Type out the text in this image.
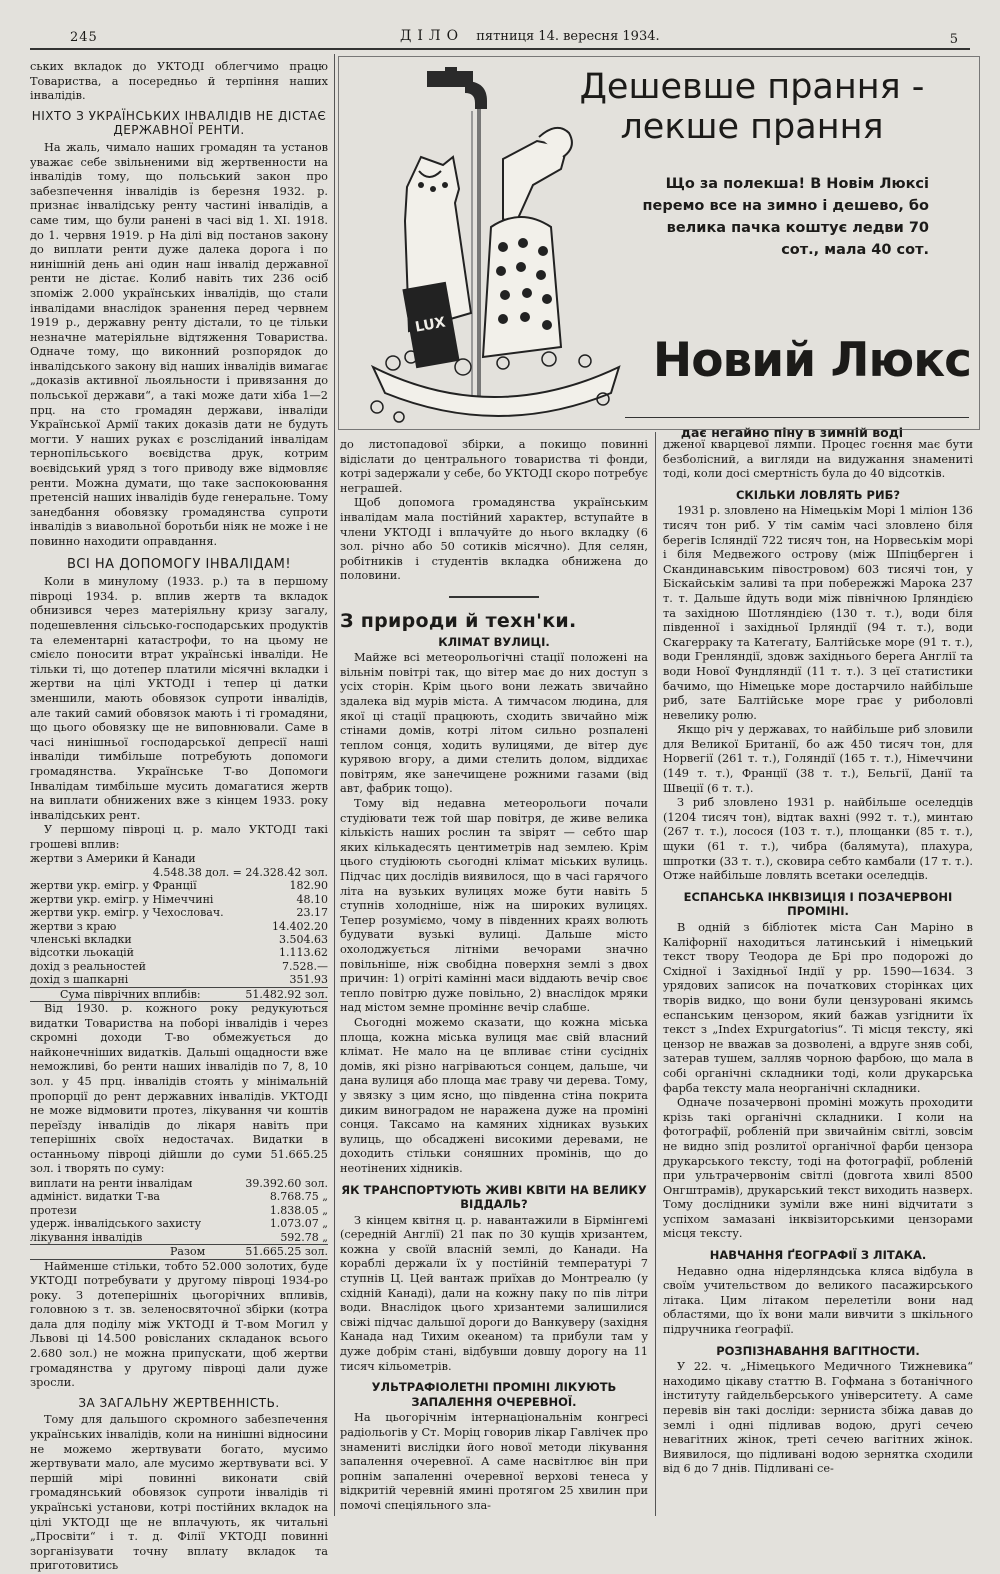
245	ДІЛО пятниця 14. вересня 1934.	5

ських вкладок до УКТОДІ облегчимо працю Товариства, а посередньо й терпіння наших інвалідів.

НІХТО З УКРАЇНСЬКИХ ІНВАЛІДІВ НЕ ДІСТАЄ ДЕРЖАВНОЇ РЕНТИ.

На жаль, чимало наших громадян та установ уважає себе звільненими від жертвенности на інвалідів тому, що польський закон про забезпечення інвалідів із березня 1932. р. признає інвалідську ренту частині інвалідів, а саме тим, що були ранені в часі від 1. XI. 1918. до 1. червня 1919. р На ділі від постанов закону до виплати ренти дуже далека дорога і по нинішній день ані один наш інвалід державної ренти не дістає. Колиб навіть тих 236 осіб зпоміж 2.000 українських інвалідів, що стали інвалідами внаслідок зранення перед червнем 1919 р., державну ренту дістали, то це тільки незначне матеріяльне відтяження Товариства. Одначе тому, що виконний розпорядок до інвалідського закону від наших інвалідів вимагає „доказів активної льояльности і привязання до польської держави“, а такі може дати хіба 1—2 прц. на сто громадян держави, інваліди Української Армії таких доказів дати не будуть могти. У наших руках є розсліданий інвалідам тернопільського воєвідства друк, котрим воєвідський уряд з того приводу вже відмовляє ренти. Можна думати, що таке заспокоювання претенсій наших інвалідів буде генеральне. Тому занедбання обовязку громадянства супроти інвалідів з виавольної боротьби ніяк не може і не повинно находити оправдання.

ВСІ НА ДОПОМОГУ ІНВАЛІДАМ!

Коли в минулому (1933. р.) та в першому півроці 1934. р. вплив жертв та вкладок обнизився через матеріяльну кризу загалу, подешевлення сільсько-господарських продуктів та елементарні катастрофи, то на цьому не смієло поносити втрат українські інваліди. Не тільки ті, що дотепер платили місячні вкладки і жертви на цілі УКТОДІ і тепер ці датки зменшили, мають обовязок супроти інвалідів, але такий самий обовязок мають і ті громадяни, що цього обовязку ще не виповнювали. Саме в часі нинішньої господарської депресії наші інваліди тимбільше потребують допомоги громадянства. Українське Т-во Допомоги Інвалідам тимбільше мусить домагатися жертв на виплати обнижених вже з кінцем 1933. року інвалідських рент.

У першому півроці ц. р. мало УКТОДІ такі грошеві вплив:

жертви з Америки й Канади	
4.548.38 дол. = 24.328.42 зол.	
жертви укр. емігр. у Франції	182.90
жертви укр. емігр. у Німеччині	48.10
жертви укр. емігр. у Чехословач.	23.17
жертви з краю	14.402.20
членські вкладки	3.504.63
відсотки льокацій	1.113.62
дохід з реальностей	7.528.—
дохід з шапкарні	351.93
Сума піврічних вплибів:	51.482.92 зол.

Від 1930. р. кожного року редукуються видатки Товариства на поборі інвалідів і через скромні доходи Т-во обмежується до найконечніших видатків. Дальші ощадности вже неможливі, бо ренти наших інвалідів по 7, 8, 10 зол. у 45 прц. інвалідів стоять у мінімальній пропорції до рент державних інвалідів. УКТОДІ не може відмовити протез, лікування чи коштів переїзду інвалідів до лікаря навіть при теперішніх своїх недостачах. Видатки в останньому півроці дійшли до суми 51.665.25 зол. і творять по суму:

виплати на ренти інвалідам	39.392.60 зол.
адмініст. видатки Т-ва	8.768.75 „
протези	1.838.05 „
удерж. інвалідського захисту	1.073.07 „
лікування інвалідів	592.78 „
Разом	51.665.25 зол.

Найменше стільки, тобто 52.000 золотих, буде УКТОДІ потребувати у другому півроці 1934-ро року. З дотеперішніх цьогорічних впливів, головною з т. зв. зеленосвяточної збірки (котра дала для поділу між УКТОДІ й Т-вом Могил у Львові ці 14.500 ровісланих складанок всього 2.680 зол.) не можна припускати, щоб жертви громадянства у другому півроці дали дуже зросли.

ЗА ЗАГАЛЬНУ ЖЕРТВЕННІСТЬ.

Тому для дальшого скромного забезпечення українських інвалідів, коли на нинішні відносини не можемо жертвувати богато, мусимо жертвувати мало, але мусимо жертвувати всі. У першій мірі повинні виконати свій громадянський обовязок супроти інвалідів ті українські установи, котрі постійних вкладок на цілі УКТОДІ ще не вплачують, як читальні „Просвіти“ і т. д. Філії УКТОДІ повинні зорганізувати точну вплату вкладок та приготовитись

LUX
Дешевше прання -
лекше прання
Що за полекша! В Новім Люксі перемо все на зимно і дешево, бо велика пачка коштує ледви 70 сот., мала 40 сот.
Новий Люкс
дає негайно піну в зимній воді

до листопадової збірки, а покищо повинні відіслати до центрального товариства ті фонди, котрі задержали у себе, бо УКТОДІ скоро потребує неграшей.

Щоб допомога громадянства українським інвалідам мала постійний характер, вступайте в члени УКТОДІ і вплачуйте до нього вкладку (6 зол. річно або 50 сотиків місячно). Для селян, робітників і студентів вкладка обнижена до половини.

З природи й техн'ки.
КЛІМАТ ВУЛИЦІ.

Майже всі метеорольогічні стації положені на вільнім повітрі так, що вітер має до них доступ з усіх сторін. Крім цього вони лежать звичайно здалека від мурів міста. А тимчасом людина, для якої ці стації працюють, сходить звичайно між стінами домів, котрі літом сильно розпалені теплом сонця, ходить вулицями, де вітер дує курявою вгору, а дими стелить долом, віддихає повітрям, яке занечищене рожними газами (від авт, фабрик тощо).

Тому від недавна метеорольоги почали студіювати теж той шар повітря, де живе велика кількість наших рослин та звірят — себто шар яких кількадесять центиметрів над землею. Крім цього студіюють сьогодні клімат міських вулиць. Підчас цих дослідів виявилося, що в часі гарячого літа на вузьких вулицях може бути навіть 5 ступнів холодніше, ніж на широких вулицях. Тепер розуміємо, чому в південних краях волють будувати вузькі вулиці. Дальше місто охолоджується літніми вечорами значно повільніше, ніж свобідна поверхня землі з двох причин: 1) огріті камінні маси віддають вечір своє тепло повітрю дуже повільно, 2) внаслідок мряки над містом земне проміннє вечір слабше.

Сьогодні можемо сказати, що кожна міська площа, кожна міська вулиця має свій власний клімат. Не мало на це впливає стіни сусідніх домів, які різно нагріваються сонцем, дальше, чи дана вулиця або площа має траву чи дерева. Тому, у звязку з цим ясно, що південна стіна покрита диким виноградом не наражена дуже на проміні сонця. Таксамо на камяних хідниках вузьких вулиць, що обсаджені високими деревами, не доходить стільки соняшних промінів, що до неотінених хідників.

ЯК ТРАНСПОРТУЮТЬ ЖИВІ КВІТИ НА ВЕЛИКУ ВІДДАЛЬ?

З кінцем квітня ц. р. навантажили в Бірмінгемі (середній Англії) 21 пак по 30 кущів хризантем, кожна у своїй власній землі, до Канади. На кораблі держали їх у постійній температурі 7 ступнів Ц. Цей вантаж приїхав до Монтреалю (у східній Канаді), дали на кожну паку по пів літри води. Внаслідок цього хризантеми залишилися свіжі підчас дальшої дороги до Ванкуверу (західня Канада над Тихим океаном) та прибули там у дуже добрім стані, відбувши довшу дорогу на 11 тисяч кільометрів.

УЛЬТРАФІОЛЕТНІ ПРОМІНІ ЛІКУЮТЬ ЗАПАЛЕННЯ ОЧЕРЕВНОЇ.

На цьогорічнім інтернаціональнім конгресі радіольогів у Ст. Моріц говорив лікар Гавлічек про знамениті вислідки його нової методи лікування запалення очеревної. А саме насвітлює він при ропнім запаленні очеревної верхові тенеса у відкритій черевній ямині протягом 25 хвилин при помочі спеціяльного зла-

дженої кварцевої лямпи. Процес гоєння має бути безболісний, а вигляди на видужання знамениті тоді, коли досі смертність була до 40 відсотків.

СКІЛЬКИ ЛОВЛЯТЬ РИБ?

1931 р. зловлено на Німецькім Морі 1 міліон 136 тисяч тон риб. У тім самім часі зловлено біля берегів Ісляндії 722 тисяч тон, на Норвеськім морі і біля Медвежого острову (між Шпіцберген і Скандинавським півостровом) 603 тисячі тон, у Біскайськім заливі та при побережжі Марока 237 т. т. Дальше йдуть води між північною Ірляндією та західною Шотляндією (130 т. т.), води біля південної і західньої Ірляндії (94 т. т.), води Скагерраку та Категату, Балтійське море (91 т. т.), води Гренляндії, здовж західнього берега Англії та води Нової Фундляндії (11 т. т.). З цеї статистики бачимо, що Німецьке море достарчило найбільше риб, зате Балтійське море грає у риболовлі невелику ролю.

Якщо річ у державах, то найбільше риб зловили для Великої Британії, бо аж 450 тисяч тон, для Норвегії (261 т. т.), Голяндії (165 т. т.), Німеччини (149 т. т.), Франції (38 т. т.), Бельгії, Данії та Швеції (6 т. т.).

З риб зловлено 1931 р. найбільше оселедців (1204 тисяч тон), відтак вахні (992 т. т.), минтаю (267 т. т.), лосося (103 т. т.), площанки (85 т. т.), щуки (61 т. т.), чибра (балямута), плахура, шпротки (33 т. т.), сковира себто камбали (17 т. т.). Отже найбільше ловлять всетаки оселедців.

ЕСПАНСЬКА ІНКВІЗИЦІЯ І ПОЗАЧЕРВОНІ ПРОМІНІ.

В одній з бібліотек міста Сан Маріно в Каліфорнії находиться латинський і німецький текст твору Теодора де Брі про подорожі до Східної і Західньої Індії у рр. 1590—1634. З урядових записок на початкових сторінках цих творів видко, що вони були цензуровані якимсь еспанським цензором, який бажав узгіднити їх текст з „Index Expurgatorius“. Ті місця тексту, які цензор не вважав за дозволені, а вдруге зняв собі, затерав тушем, залляв чорною фарбою, що мала в собі органічні складники тоді, коли друкарська фарба тексту мала неорганічні складники.

Одначе позачервоні проміні можуть проходити крізь такі органічні складники. І коли на фотографії, робленій при звичайнім світлі, зовсім не видно зпід розлитої органічної фарби цензора друкарського тексту, тоді на фотографії, робленій при ультрачервонім світлі (довгота хвилі 8500 Онгштрамів), друкарський текст виходить назверх. Тому дослідники зуміли вже нині відчитати з успіхом замазані інквізиторськими цензорами місця тексту.

НАВЧАННЯ ҐЕОГРАФІЇ З ЛІТАКА.

Недавно одна нідерляндська кляса відбула в своїм учительством до великого пасажирського літака. Цим літаком перелетіли вони над областями, що їх вони мали вивчити з шкільного підручника ґеографії.

РОЗПІЗНАВАННЯ ВАГІТНОСТИ.

У 22. ч. „Німецького Медичного Тижневика“ находимо цікаву статтю В. Гофмана з ботанічного інституту гайдельберського університету. А саме перевів він такі досліди: зерниста збіжа давав до землі і одні підливав водою, другі сечею невагітних жінок, третi сечею вагітних жінок. Виявилося, що підливані водою зернятка сходили від 6 до 7 днів. Підливані се-
